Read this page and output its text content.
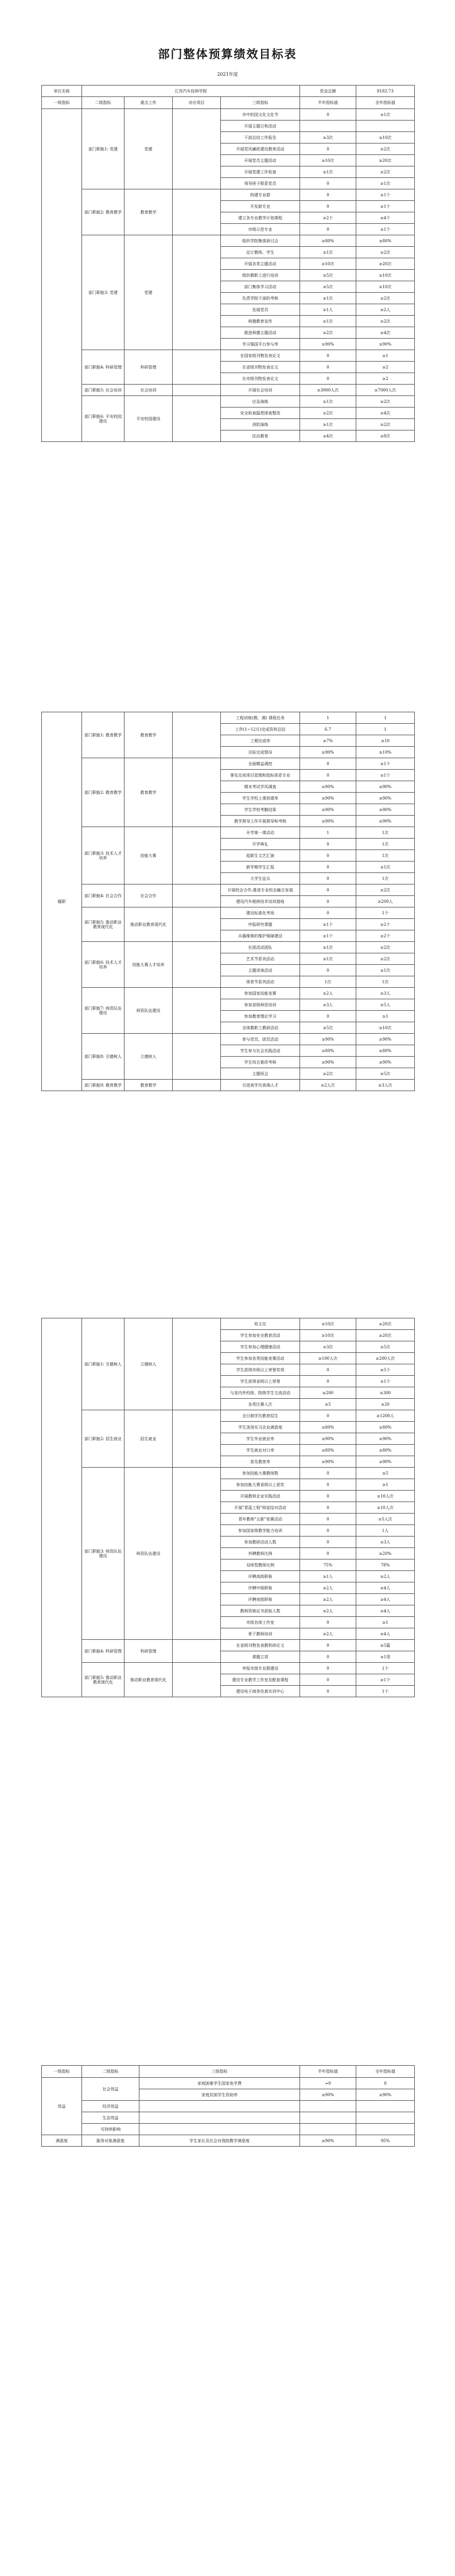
部门整体预算绩效目标表
2021年度
单位名称	江苏汽车技师学院				资金总额	8182.73
一级指标	二级指标	重点工作	对应项目	三级指标	半年指标值	全年指标值
	部门职能1: 党建	党建		市中的国文化文化节	0	≥1次
				开展主题日和活动		
				干部总结工作报告	≥3次	≥10次
				开展党风廉政建设教育活动	0	≥2次
				开展党员主题活动	≥10次	≥20次
				开展党建工作检查	≥1次	≥2次
				领导班子联系党员	0	≥1次
	部门职能2: 教育教学	教育教学		构建专业群	0	≥1个
				开发新专业	0	≥1个
				建立各专业教学计划课程	≥2个	≥4个
				市级示范专业	0	≥1个
	部门职能3: 党建	党建		组织学院集体研讨会	≥80%	≥80%
				定订教师、学生	≥1次	≥2次
				开展各类主题活动	≥10次	≥20次
				组织教职工进行培训	≥5次	≥10次
				部门集体学习活动	≥5次	≥10次
				负责学院干部的考核	≥1次	≥2次
				发展党员	≥1人	≥2人
				师德教育宣传	≥1次	≥2次
				推进师德主题活动	≥2次	≥4次
				学习强国平台参与率	≥90%	≥90%
	部门职能4: 科研管理	科研管理		在国家级刊物发表论文	0	≥1
				在省级刊物发表论文	0	≥2
				在市级刊物发表论文	0	≥2
	部门职能5: 社会培训	社会培训		开展社会培训	≥3000人次	≥7000人次
	部门职能6: 平安校园建设	平安校园建设		应急演练	≥1次	≥2次
				安全检查隐患排查整改	≥2次	≥4次
				消防演练	≥1次	≥2次
				法治教育	≥4次	≥8次
履职	部门职能1: 教育教学	教育教学		工程训练(教、满) 课程任务	1	1
				工作(1~12月)完成资料总结	6.7	1
				工期完成率	≥7%	≥10
				目标完成情况	≥90%	≥10%
	部门职能2: 教育教学	教育教学		全面精益调控	0	≥1个
				事先完成项目管理和指标体系专业	0	≥1个
				期末考试学风调查	≥90%	≥90%
				学生学校上课到课率	≥90%	≥90%
				学生学校考勤结果	≥90%	≥90%
				教学督导工作开展督导和考核	≥90%	≥90%
	部门职能3: 技术人才培养	技能大赛		开学第一课活动	1	1次
				开学典礼	0	1次
				迎新生文艺汇演	0	1次
				新学期学生汇报	0	≥1次
				大学生征兵	0	1次
	部门职能4: 社会合作	社会合作		开展校企合作,推进专业校企融合发展	0	≥2次
				建设汽车维修技术培训基地	0	≥200人
	部门职能5: 推动职业教育现代化	推动职业教育现代化		建设标准化考场	0	1个
				申报研究课题	≥1个	≥2个
				兵器维修的维护保障建设	≥1个	≥2个
	部门职能6: 技术人才培养	技能大赛人才培养		社团活动团队	≥1次	≥2次
				艺术节系列活动	≥1次	≥2次
				主题讲演活动	0	≥1次
				体育节系列活动	1次	1次
	部门职能7: 师资队伍建设	师资队伍建设		参加国家技能竞赛	≥2人	≥3人
				参加省级师资培训	≥3人	≥5人
				参加教育理论学习	0	≥1
				全体教职工教研活动	≥5次	≥10次
	部门职能8: 引德树人	立德树人		参与党员、团员活动	≥90%	≥90%
				学生参与社会实践活动	≥80%	≥80%
				学生综合素质考核	≥90%	≥90%
				主题班会	≥2次	≥5次
	部门职能9: 教育教学	教育教学		引进高学历高端人才	≥2人次	≥3人次
	部门职能1: 引德树人	立德树人		班主任	≥10次	≥20次
				学生参加安全教育活动	≥10次	≥20次
				学生参加心理健康活动	≥3次	≥5次
				学生参加各类技能竞赛活动	≥100人次	≥200人次
				学生获得市级以上荣誉奖项	0	≥5个
				学生获得省级以上荣誉	0	≥1个
				与省内外校级、院级学生交流活动	≥200	≥300
				各类比赛人次	≥5	≥20
	部门职能2: 招生就业	招生就业		全日制学历教育招生	0	≥1200人
				学生顶岗实习企业满意度	≥80%	≥80%
				学生毕业就业率	≥90%	≥90%
				学生就业对口率	≥80%	≥80%
				普及教育率	≥90%	≥90%
	部门职能3: 师资队伍建设	师资队伍建设		参加技能大赛教师数	0	≥5
				参加技能大赛省级以上获奖	0	≥1
				开展教师企业实践活动	0	≥10人次
				开展"青蓝工程"师徒结对活动	0	≥10人次
				青年教师"五新"竞赛活动	0	≥5人次
				参加国家级教学能力培训	0	1人
				参加教研活动人数	0	≥3人
				外聘教师比例	0	≥20%
				双师型教师比例	75%	78%
				评聘高级职称	≥1人	≥2人
				评聘中级职称	≥2人	≥4人
				评聘初级职称	≥2人	≥4人
				教师资格证书获取人数	≥2人	≥4人
				市级名师工作室	0	≥1
				骨干教师培训	≥2人	≥4人
	部门职能4: 科研管理	科研管理		在省级刊物发表教科研论文	0	≥5篇
				课题立项	0	≥1项
	部门职能5: 推动职业教育现代化	推动职业教育现代化		申报市级专业群建设	0	1个
				建设专业教学工作室及配套课程	0	≥1个
				建设电子商务仿真实训中心	0	1个
一级指标	二级指标	三级指标	半年指标值	全年指标值
效益	社会效益	家庭困难学生国家免学费	≈0	0
		家庭贫困学生资助率	≥90%	≥90%
	经济效益			
	生态效益			
	可持续影响			
满意度	服务对象满意度	学生家长及社会对我院教学满意度	≥90%	95%
